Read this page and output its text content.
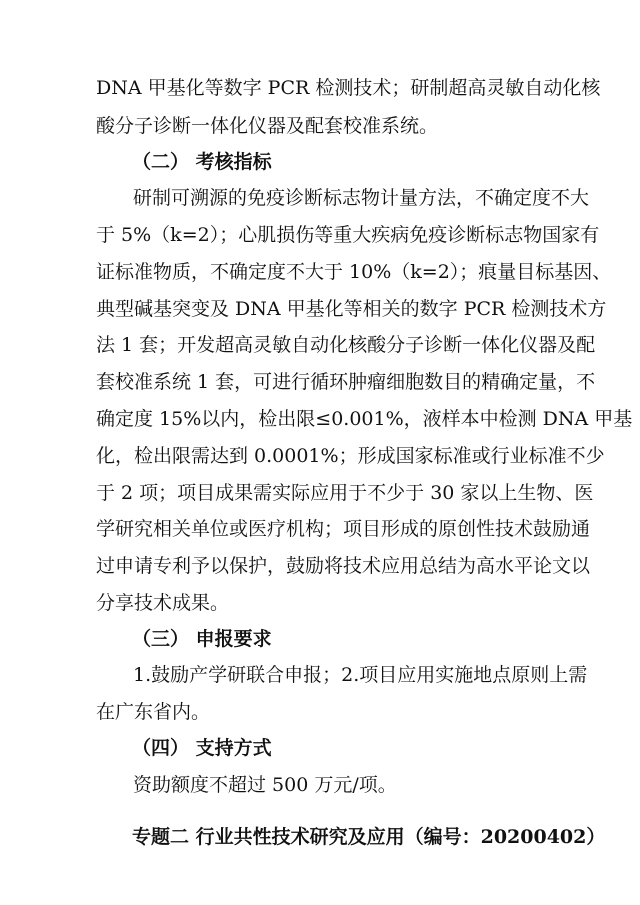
DNA 甲基化等数字 PCR 检测技术；研制超高灵敏自动化核
酸分子诊断一体化仪器及配套校准系统。
（二） 考核指标
研制可溯源的免疫诊断标志物计量方法，不确定度不大
于 5%（k=2）；心肌损伤等重大疾病免疫诊断标志物国家有
证标准物质，不确定度不大于 10%（k=2）；痕量目标基因、
典型碱基突变及 DNA 甲基化等相关的数字 PCR 检测技术方
法 1 套；开发超高灵敏自动化核酸分子诊断一体化仪器及配
套校准系统 1 套，可进行循环肿瘤细胞数目的精确定量，不
确定度 15%以内，检出限≤0.001%，液样本中检测 DNA 甲基
化，检出限需达到 0.0001%；形成国家标准或行业标准不少
于 2 项；项目成果需实际应用于不少于 30 家以上生物、医
学研究相关单位或医疗机构；项目形成的原创性技术鼓励通
过申请专利予以保护，鼓励将技术应用总结为高水平论文以
分享技术成果。
（三） 申报要求
1.鼓励产学研联合申报；2.项目应用实施地点原则上需
在广东省内。
（四） 支持方式
资助额度不超过 500 万元/项。
专题二 行业共性技术研究及应用（编号：20200402）
